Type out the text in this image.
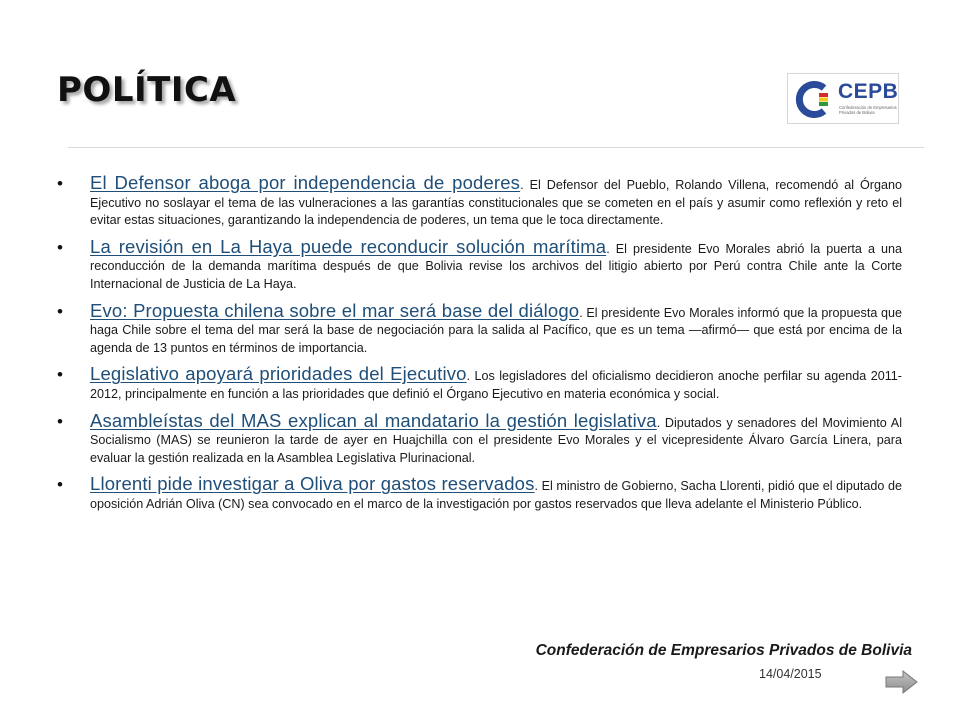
POLÍTICA	CEPB
Confederación de Empresarios Privados de Bolivia
• El Defensor aboga por independencia de poderes. El Defensor del Pueblo, Rolando Villena, recomendó al Órgano Ejecutivo no soslayar el tema de las vulneraciones a las garantías constitucionales que se cometen en el país y asumir como reflexión y reto el evitar estas situaciones, garantizando la independencia de poderes, un tema que le toca directamente.
• La revisión en La Haya puede reconducir solución marítima. El presidente Evo Morales abrió la puerta a una reconducción de la demanda marítima después de que Bolivia revise los archivos del litigio abierto por Perú contra Chile ante la Corte Internacional de Justicia de La Haya.
• Evo: Propuesta chilena sobre el mar será base del diálogo. El presidente Evo Morales informó que la propuesta que haga Chile sobre el tema del mar será la base de negociación para la salida al Pacífico, que es un tema —afirmó— que está por encima de la agenda de 13 puntos en términos de importancia.
• Legislativo apoyará prioridades del Ejecutivo. Los legisladores del oficialismo decidieron anoche perfilar su agenda 2011-2012, principalmente en función a las prioridades que definió el Órgano Ejecutivo en materia económica y social.
• Asambleístas del MAS explican al mandatario la gestión legislativa. Diputados y senadores del Movimiento Al Socialismo (MAS) se reunieron la tarde de ayer en Huajchilla con el presidente Evo Morales y el vicepresidente Álvaro García Linera, para evaluar la gestión realizada en la Asamblea Legislativa Plurinacional.
• Llorenti pide investigar a Oliva por gastos reservados. El ministro de Gobierno, Sacha Llorenti, pidió que el diputado de oposición Adrián Oliva (CN) sea convocado en el marco de la investigación por gastos reservados que lleva adelante el Ministerio Público.
Confederación de Empresarios Privados de Bolivia
14/04/2015
